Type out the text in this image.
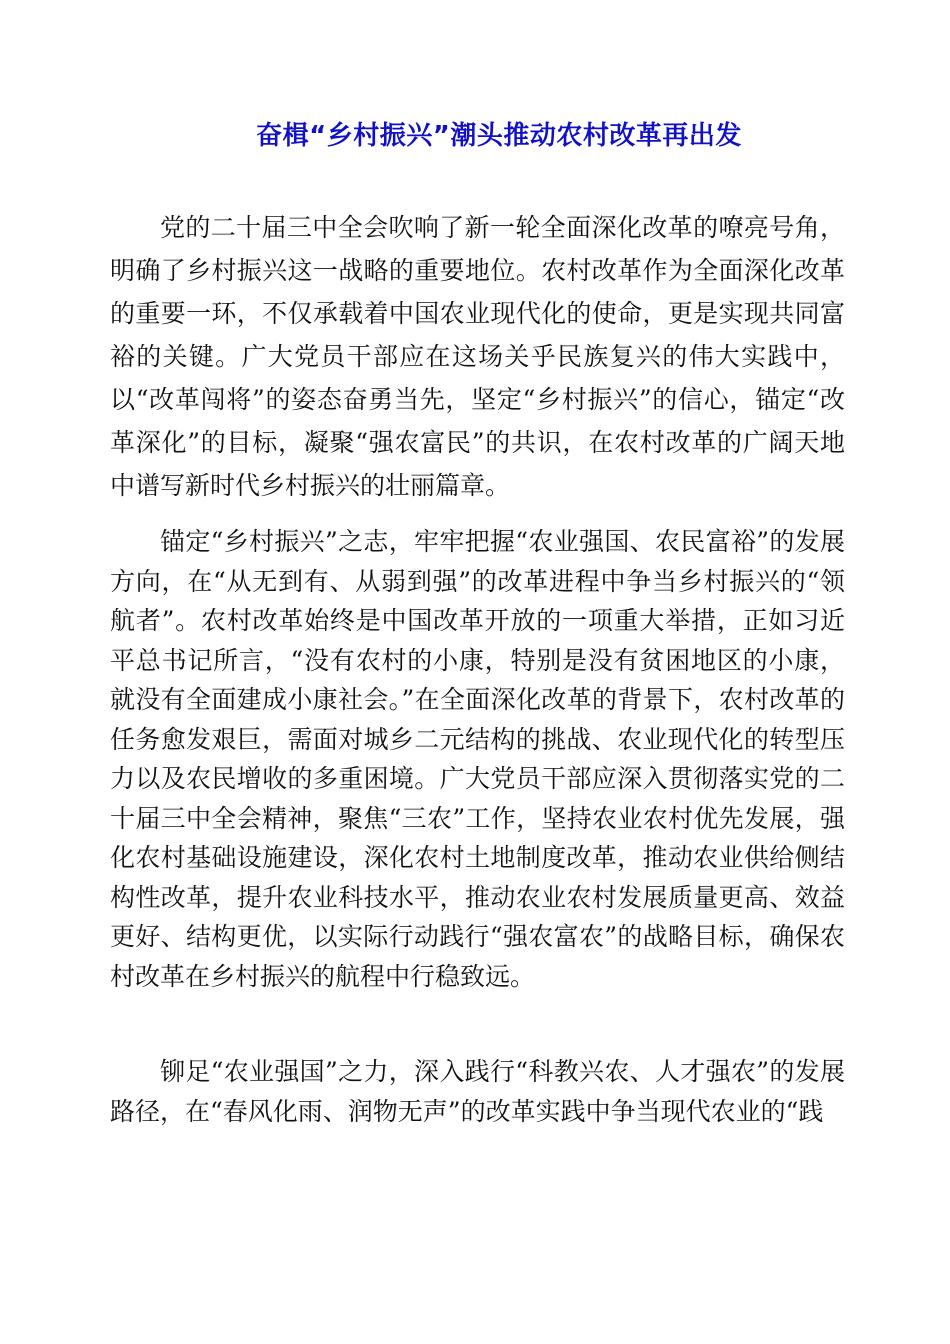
奋楫“乡村振兴”潮头推动农村改革再出发

党的二十届三中全会吹响了新一轮全面深化改革的嘹亮号角，明确了乡村振兴这一战略的重要地位。农村改革作为全面深化改革的重要一环，不仅承载着中国农业现代化的使命，更是实现共同富裕的关键。广大党员干部应在这场关乎民族复兴的伟大实践中，以“改革闯将”的姿态奋勇当先，坚定“乡村振兴”的信心，锚定“改革深化”的目标，凝聚“强农富民”的共识，在农村改革的广阔天地中谱写新时代乡村振兴的壮丽篇章。

锚定“乡村振兴”之志，牢牢把握“农业强国、农民富裕”的发展方向，在“从无到有、从弱到强”的改革进程中争当乡村振兴的“领航者”。农村改革始终是中国改革开放的一项重大举措，正如习近平总书记所言，“没有农村的小康，特别是没有贫困地区的小康，就没有全面建成小康社会。”在全面深化改革的背景下，农村改革的任务愈发艰巨，需面对城乡二元结构的挑战、农业现代化的转型压力以及农民增收的多重困境。广大党员干部应深入贯彻落实党的二十届三中全会精神，聚焦“三农”工作，坚持农业农村优先发展，强化农村基础设施建设，深化农村土地制度改革，推动农业供给侧结构性改革，提升农业科技水平，推动农业农村发展质量更高、效益更好、结构更优，以实际行动践行“强农富农”的战略目标，确保农村改革在乡村振兴的航程中行稳致远。

铆足“农业强国”之力，深入践行“科教兴农、人才强农”的发展 路径，在“春风化雨、润物无声”的改革实践中争当现代农业的“践
